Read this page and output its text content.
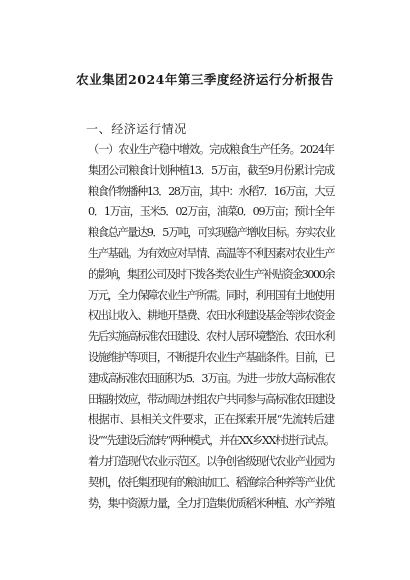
农业集团2024年第三季度经济运行分析报告
一、经济运行情况
（一）农业生产稳中增效。完成粮食生产任务。2024年
集团公司粮食计划种植13．5万亩，截至9月份累计完成
粮食作物播种13．28万亩，其中：水稻7．16万亩，大豆
0．1万亩，玉米5．02万亩，油菜0．09万亩；预计全年
粮食总产量达9．5万吨，可实现稳产增收目标。夯实农业
生产基础。为有效应对旱情、高温等不利因素对农业生产
的影响，集团公司及时下拨各类农业生产补贴资金3000余
万元，全力保障农业生产所需。同时，利用国有土地使用
权出让收入、耕地开垦费、农田水利建设基金等涉农资金
先后实施高标准农田建设、农村人居环境整治、农田水利
设施维护等项目，不断提升农业生产基础条件。目前，已
建成高标准农田面积为5．3万亩。为进一步放大高标准农
田辐射效应，带动周边村组农户共同参与高标准农田建设
根据市、县相关文件要求，正在探索开展“先流转后建
设”“先建设后流转”两种模式，并在XX乡XX村进行试点。
着力打造现代农业示范区。以争创省级现代农业产业园为
契机，依托集团现有的粮油加工、稻渔综合种养等产业优
势，集中资源力量，全力打造集优质稻米种植、水产养殖
